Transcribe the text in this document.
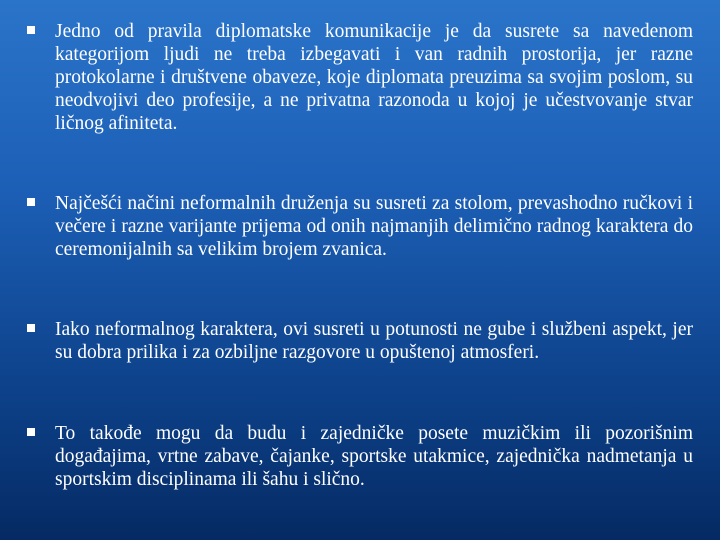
Jedno od pravila diplomatske komunikacije je da susrete sa navedenom kategorijom ljudi ne treba izbegavati i van radnih prostorija, jer razne protokolarne i društvene obaveze, koje diplomata preuzima sa svojim poslom, su neodvojivi deo profesije, a ne privatna razonoda u kojoj je učestvovanje stvar ličnog afiniteta.
Najčešći načini neformalnih druženja su susreti za stolom, prevashodno ručkovi i večere i razne varijante prijema od onih najmanjih delimično radnog karaktera do ceremonijalnih sa velikim brojem zvanica.
Iako neformalnog karaktera, ovi susreti u potunosti ne gube i službeni aspekt, jer su dobra prilika i za ozbiljne razgovore u opuštenoj atmosferi.
To takođe mogu da budu i zajedničke posete muzičkim ili pozorišnim događajima, vrtne zabave, čajanke, sportske utakmice, zajednička nadmetanja u sportskim disciplinama ili šahu i slično.
